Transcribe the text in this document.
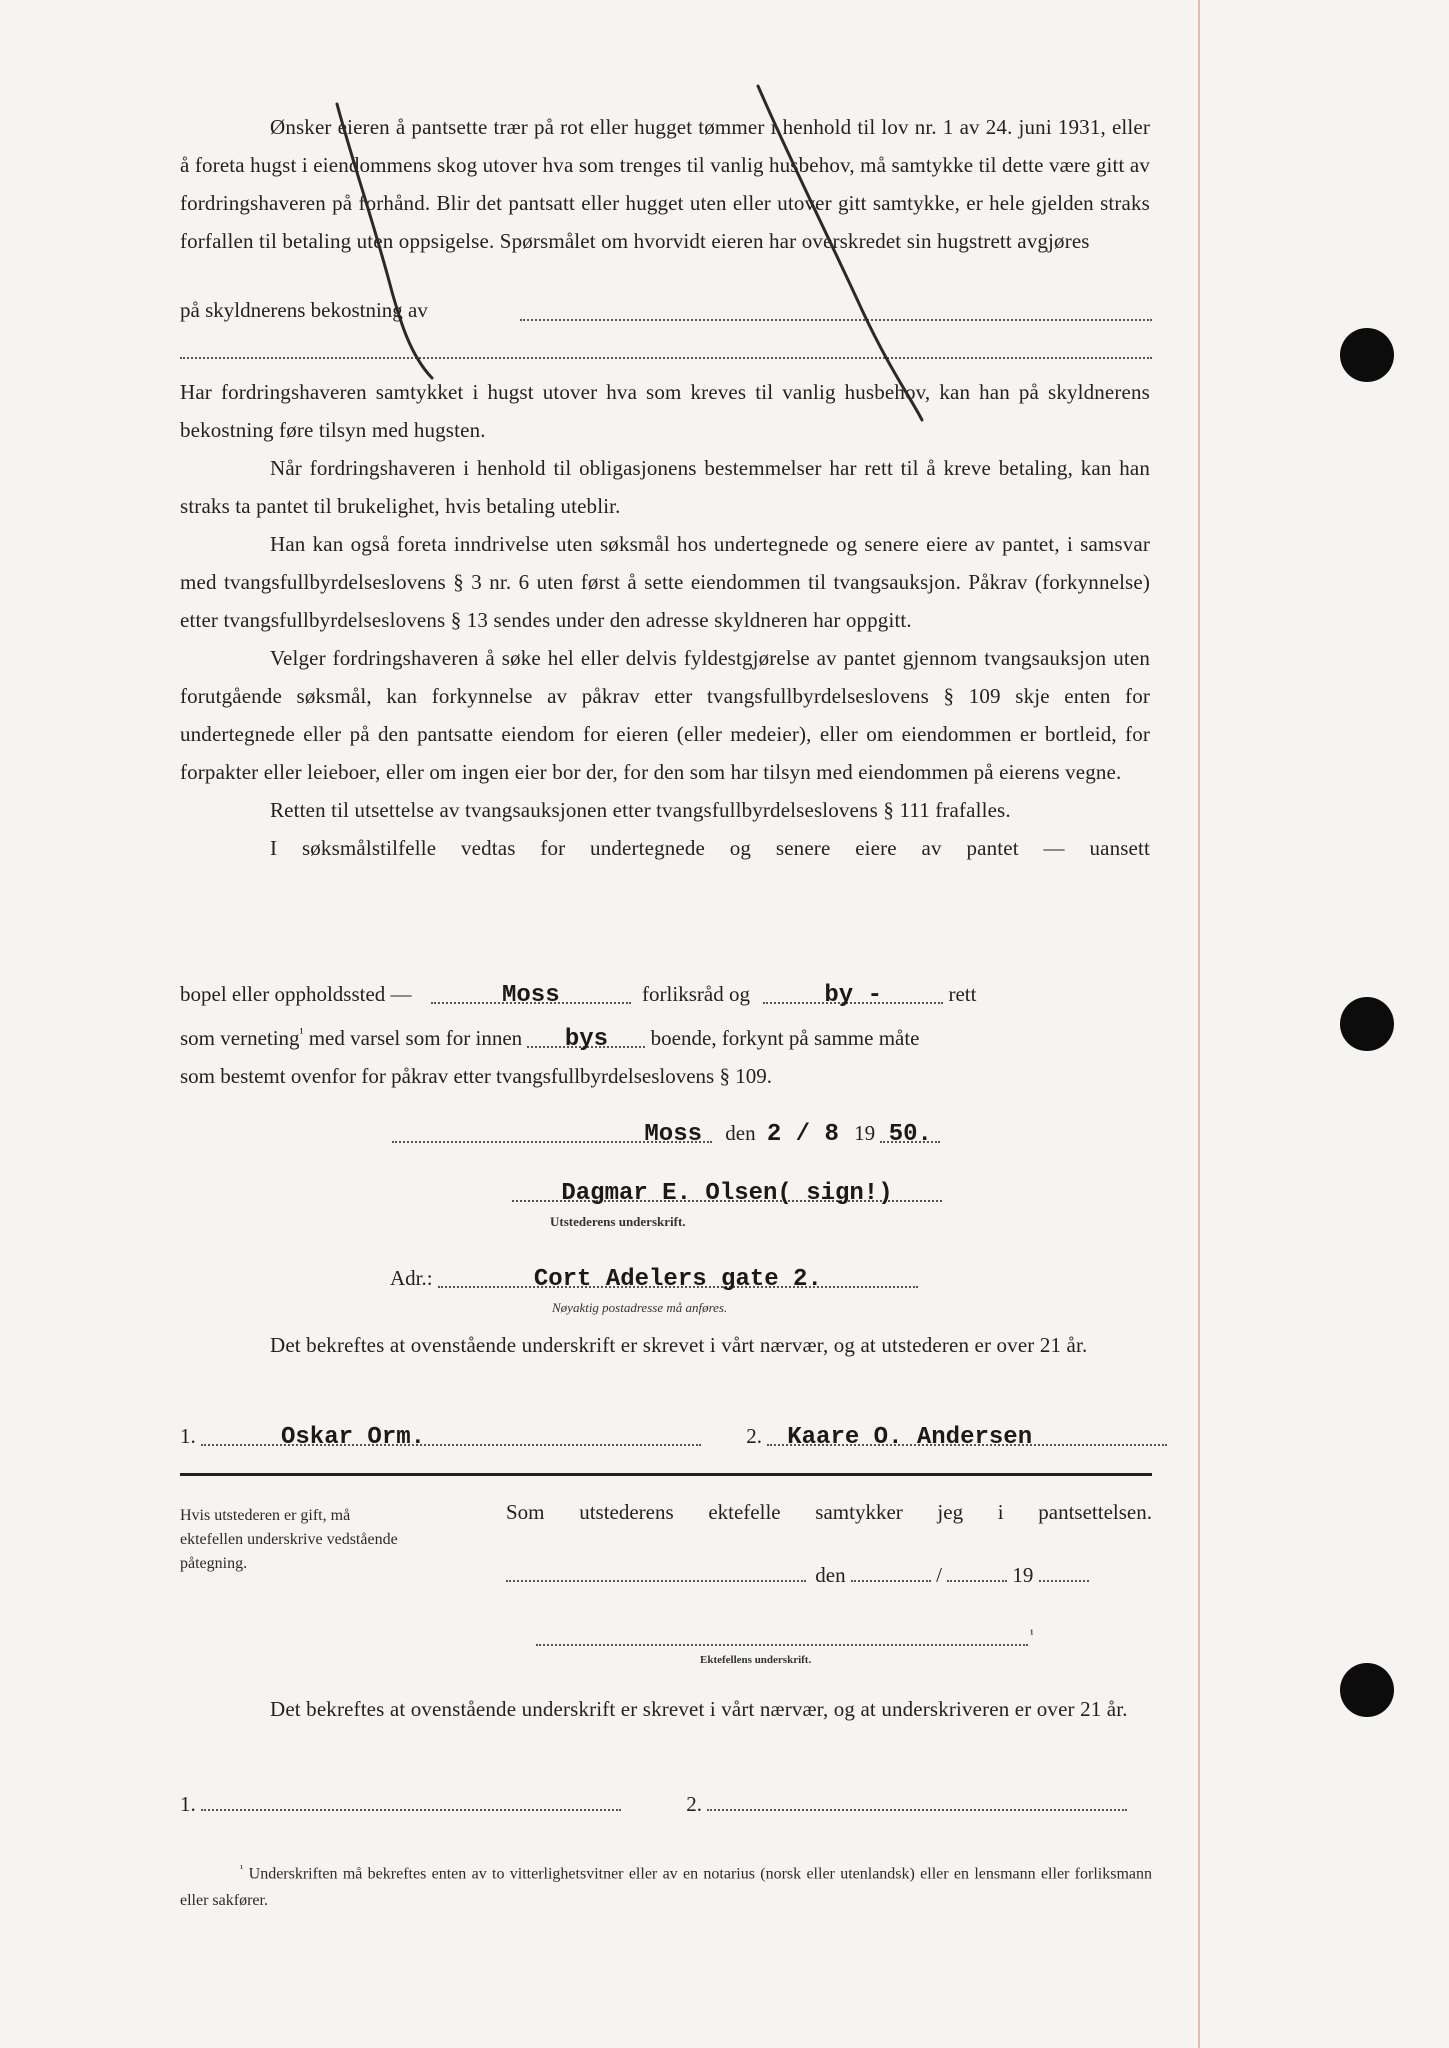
Ønsker eieren å pantsette trær på rot eller hugget tømmer i henhold til lov nr. 1 av 24. juni 1931, eller å foreta hugst i eiendommens skog utover hva som trenges til vanlig husbehov, må samtykke til dette være gitt av fordringshaveren på forhånd. Blir det pantsatt eller hugget uten eller utover gitt samtykke, er hele gjelden straks forfallen til betaling uten oppsigelse. Spørsmålet om hvorvidt eieren har overskredet sin hugstrett avgjøres

på skyldnerens bekostning av

Har fordringshaveren samtykket i hugst utover hva som kreves til vanlig husbehov, kan han på skyldnerens bekostning føre tilsyn med hugsten.

Når fordringshaveren i henhold til obligasjonens bestemmelser har rett til å kreve betaling, kan han straks ta pantet til brukelighet, hvis betaling uteblir.

Han kan også foreta inndrivelse uten søksmål hos undertegnede og senere eiere av pantet, i samsvar med tvangsfullbyrdelseslovens § 3 nr. 6 uten først å sette eiendommen til tvangsauksjon. Påkrav (forkynnelse) etter tvangsfullbyrdelseslovens § 13 sendes under den adresse skyldneren har oppgitt.

Velger fordringshaveren å søke hel eller delvis fyldestgjørelse av pantet gjennom tvangsauksjon uten forutgående søksmål, kan forkynnelse av påkrav etter tvangsfullbyrdelseslovens § 109 skje enten for undertegnede eller på den pantsatte eiendom for eieren (eller medeier), eller om eiendommen er bortleid, for forpakter eller leieboer, eller om ingen eier bor der, for den som har tilsyn med eiendommen på eierens vegne.

Retten til utsettelse av tvangsauksjonen etter tvangsfullbyrdelseslovens § 111 frafalles.

I søksmålstilfelle vedtas for undertegnede og senere eiere av pantet — uansett

bopel eller oppholdssted —	Moss	forliksråd og	by -	rett
som verneting$^{^1}$ med varsel som for innen bys boende, forkynt på samme måte
som bestemt ovenfor for påkrav etter tvangsfullbyrdelseslovens § 109.
Moss den 2 / 8 19 50.
Dagmar E. Olsen( sign!)
Utstederens underskrift.
Adr.:	Cort Adelers gate 2.
Nøyaktig postadresse må anføres.

Det bekreftes at ovenstående underskrift er skrevet i vårt nærvær, og at utstederen er over 21 år.

1.	Oskar Orm.	2. Kaare O. Andersen
Hvis utstederen er gift, må ektefellen underskrive vedstående påtegning.
Som utstederens ektefelle samtykker jeg i pantsettelsen.
den	/	19
¹
Ektefellens underskrift.

Det bekreftes at ovenstående underskrift er skrevet i vårt nærvær, og at underskriveren er over 21 år.

1.	2.
$^{^1}$ Underskriften må bekreftes enten av to vitterlighetsvitner eller av en notarius (norsk eller utenlandsk) eller en lensmann eller forliksmann eller sakfører.
